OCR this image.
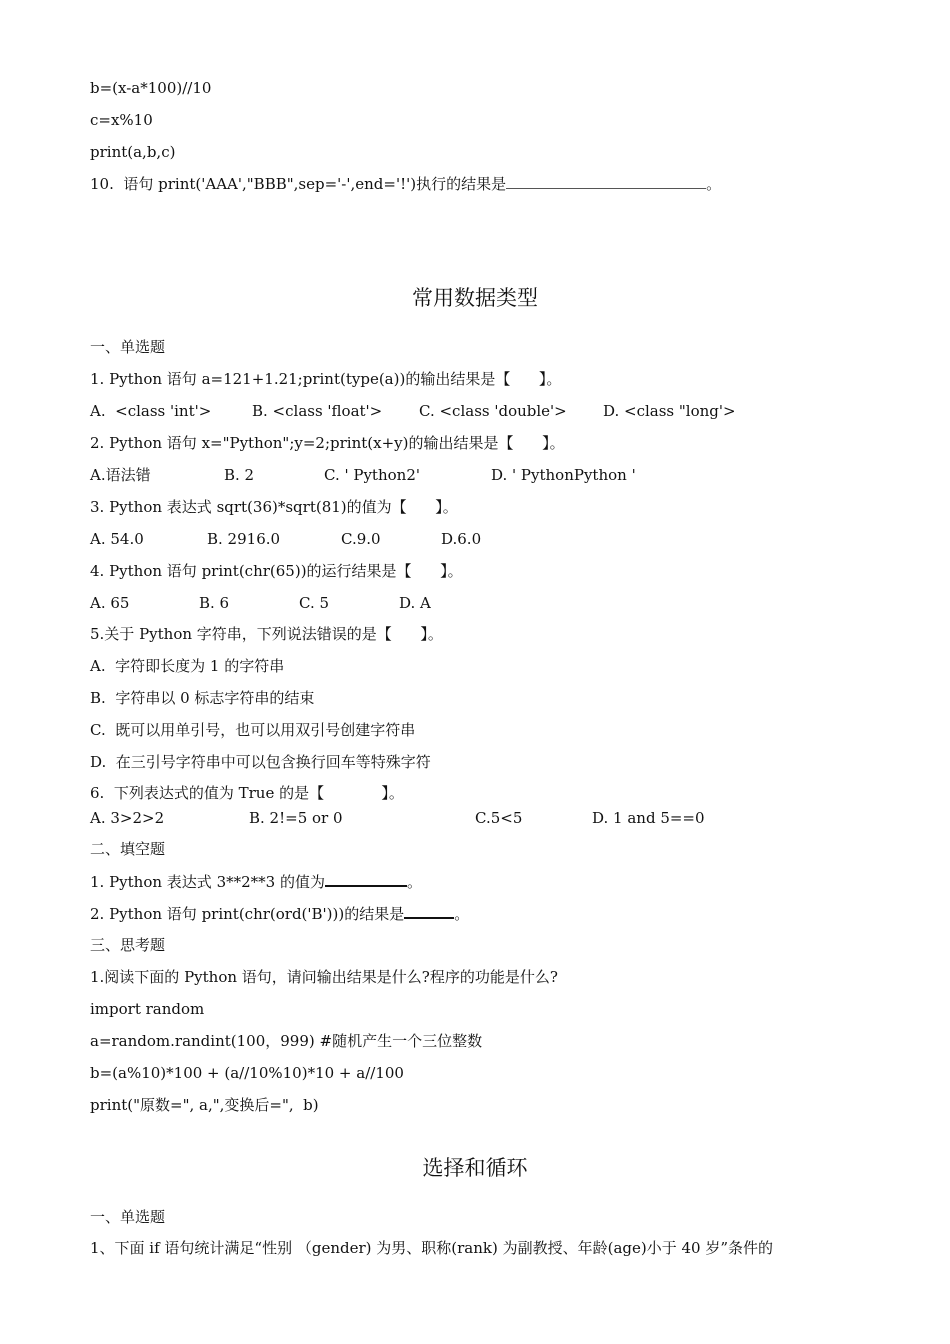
b=(x-a*100)//10
c=x%10
print(a,b,c)
10.  语句 print('AAA',"BBB",sep='-',end='!')执行的结果是	。
常用数据类型
一、单选题
1. Python 语句 a=121+1.21;print(type(a))的输出结果是【      】。
A.  <class 'int'>	B. <class 'float'> C. <class 'double'> D. <class "long'>
2. Python 语句 x="Python";y=2;print(x+y)的输出结果是【      】。
A.语法错	B. 2	C. ' Python2'	D. ' PythonPython '
3. Python 表达式 sqrt(36)*sqrt(81)的值为【      】。
A. 54.0	B. 2916.0	C.9.0	D.6.0
4. Python 语句 print(chr(65))的运行结果是【      】。
A. 65	B. 6	C. 5	D. A
5.关于 Python 字符串，下列说法错误的是【      】。
A.  字符即长度为 1 的字符串
B.  字符串以 0 标志字符串的结束
C.  既可以用单引号，也可以用双引号创建字符串
D.  在三引号字符串中可以包含换行回车等特殊字符
6.  下列表达式的值为 True 的是【            】。
A. 3>2>2	B. 2!=5 or 0	C.5<5	D. 1 and 5==0
二、填空题
1. Python 表达式 3**2**3 的值为	。
2. Python 语句 print(chr(ord('B')))的结果是	。
三、思考题
1.阅读下面的 Python 语句，请问输出结果是什么?程序的功能是什么?
import random
a=random.randint(100，999) #随机产生一个三位整数
b=(a%10)*100 + (a//10%10)*10 + a//100
print("原数=", a,",变换后=",  b)
选择和循环
一、单选题
1、下面 if 语句统计满足“性别 （gender) 为男、职称(rank) 为副教授、年龄(age)小于 40 岁”条件的
